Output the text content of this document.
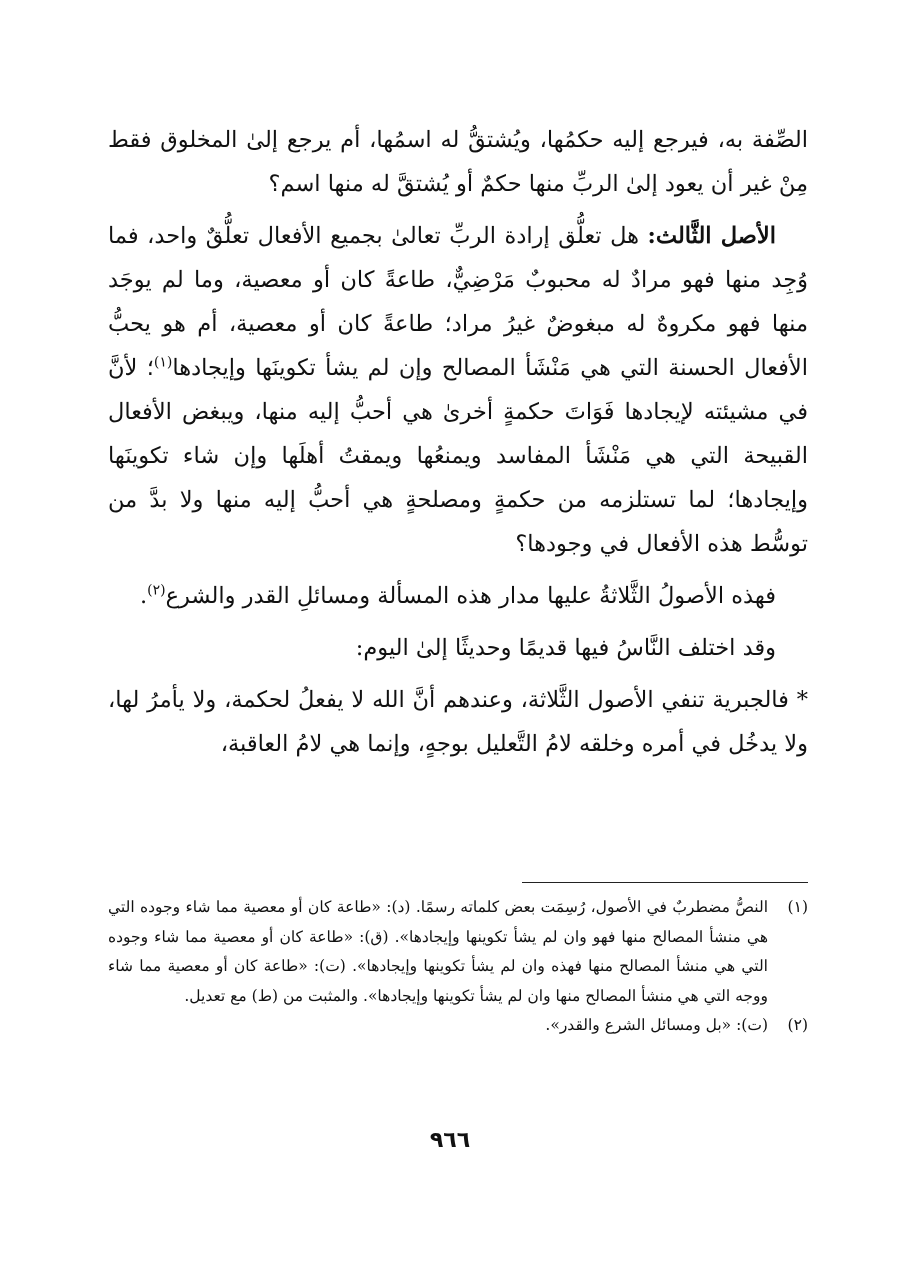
الصِّفة به، فيرجع إليه حكمُها، ويُشتقُّ له اسمُها، أم يرجع إلىٰ المخلوق فقط مِنْ غير أن يعود إلىٰ الربِّ منها حكمٌ أو يُشتقَّ له منها اسم؟

الأصل الثَّالث: هل تعلُّق إرادة الربِّ تعالىٰ بجميع الأفعال تعلُّقٌ واحد، فما وُجِد منها فهو مرادٌ له محبوبٌ مَرْضِيٌّ، طاعةً كان أو معصية، وما لم يوجَد منها فهو مكروهٌ له مبغوضٌ غيرُ مراد؛ طاعةً كان أو معصية، أم هو يحبُّ الأفعال الحسنة التي هي مَنْشَأ المصالح وإن لم يشأ تكوينَها وإيجادها$^{(١)}$؛ لأنَّ في مشيئته لإيجادها فَوَاتَ حكمةٍ أخرىٰ هي أحبُّ إليه منها، ويبغض الأفعال القبيحة التي هي مَنْشَأ المفاسد ويمنعُها ويمقتُ أهلَها وإن شاء تكوينَها وإيجادها؛ لما تستلزمه من حكمةٍ ومصلحةٍ هي أحبُّ إليه منها ولا بدَّ من توسُّط هذه الأفعال في وجودها؟

فهذه الأصولُ الثَّلاثةُ عليها مدار هذه المسألة ومسائلِ القدر والشرع$^{(٢)}$.

وقد اختلف النَّاسُ فيها قديمًا وحديثًا إلىٰ اليوم:

* فالجبرية تنفي الأصول الثَّلاثة، وعندهم أنَّ الله لا يفعلُ لحكمة، ولا يأمرُ لها، ولا يدخُل في أمره وخلقه لامُ التَّعليل بوجهٍ، وإنما هي لامُ العاقبة،

(١)
النصُّ مضطربٌ في الأصول، رُسِمَت بعض كلماته رسمًا. (د): «طاعة كان أو معصية مما شاء وجوده التي هي منشأ المصالح منها فهو وان لم يشأ تكوينها وإيجادها». (ق): «طاعة كان أو معصية مما شاء وجوده التي هي منشأ المصالح منها فهذه وان لم يشأ تكوينها وإيجادها». (ت): «طاعة كان أو معصية مما شاء ووجه التي هي منشأ المصالح منها وان لم يشأ تكوينها وإيجادها». والمثبت من (ط) مع تعديل.
(٢)
(ت): «بل ومسائل الشرع والقدر».
٩٦٦
